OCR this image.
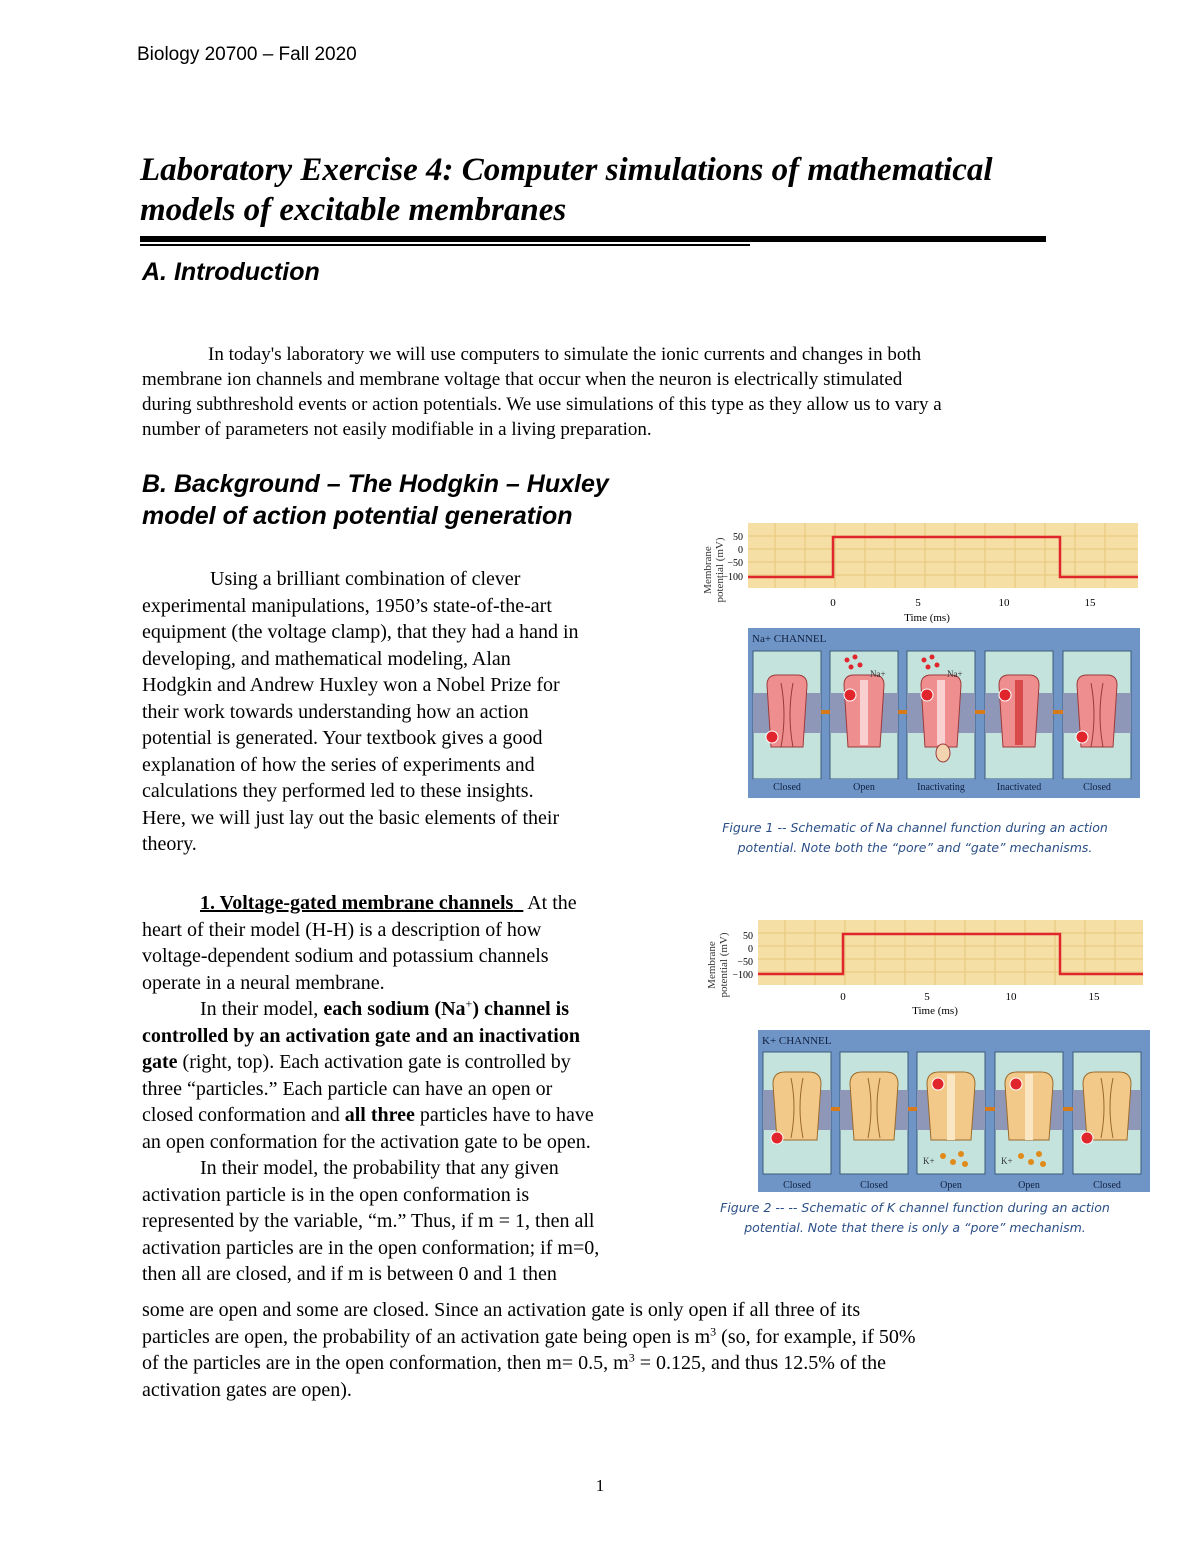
Biology 20700 – Fall 2020
Laboratory Exercise 4: Computer simulations of mathematical
models of excitable membranes
A. Introduction
In today's laboratory we will use computers to simulate the ionic currents and changes in both
membrane ion channels and membrane voltage that occur when the neuron is electrically stimulated
during subthreshold events or action potentials. We use simulations of this type as they allow us to vary a
number of parameters not easily modifiable in a living preparation.
B. Background – The Hodgkin – Huxley
model of action potential generation
Using a brilliant combination of clever
experimental manipulations, 1950’s state-of-the-art
equipment (the voltage clamp), that they had a hand in
developing, and mathematical modeling, Alan
Hodgkin and Andrew Huxley won a Nobel Prize for
their work towards understanding how an action
potential is generated. Your textbook gives a good
explanation of how the series of experiments and
calculations they performed led to these insights.
Here, we will just lay out the basic elements of their
theory.
1. Voltage-gated membrane channels   At the
heart of their model (H-H) is a description of how
voltage-dependent sodium and potassium channels
operate in a neural membrane.
In their model, each sodium (Na+) channel is
controlled by an activation gate and an inactivation
gate (right, top). Each activation gate is controlled by
three “particles.” Each particle can have an open or
closed conformation and all three particles have to have
an open conformation for the activation gate to be open.
In their model, the probability that any given
activation particle is in the open conformation is
represented by the variable, “m.” Thus, if m = 1, then all
activation particles are in the open conformation; if m=0,
then all are closed, and if m is between 0 and 1 then
some are open and some are closed. Since an activation gate is only open if all three of its
particles are open, the probability of an activation gate being open is $m^3$ (so, for example, if 50%
of the particles are in the open conformation, then m= 0.5, $m^3 = 0.125$, and thus 12.5% of the
activation gates are open).
Membrane potential (mV) 50
0
−50
−100
0	5	10	15
Time (ms)
Na+ CHANNEL
Closed
Na+
Open
Na+
Inactivating	Inactivated	Closed
Figure 1 -- Schematic of Na channel function during an action
potential. Note both the “pore” and “gate” mechanisms.
Membrane potential (mV) 50
0
−50
−100
0	5	10	15
Time (ms)
K+ CHANNEL
Closed	Closed
K+
Open
K+
Open	Closed
Figure 2 -- -- Schematic of K channel function during an action
potential. Note that there is only a “pore” mechanism.
1
